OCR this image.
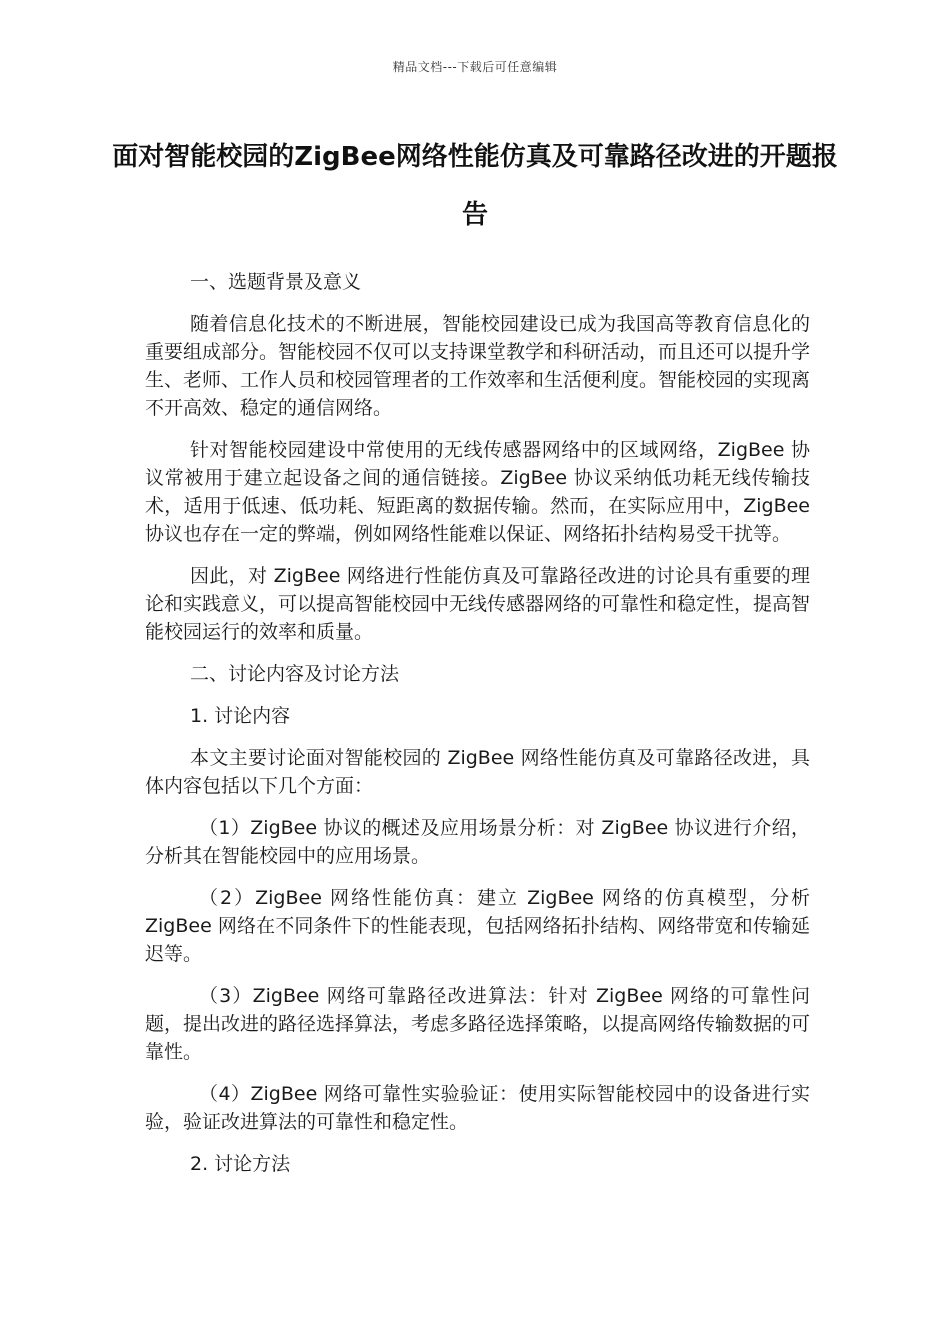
精品文档---下载后可任意编辑
面对智能校园的ZigBee网络性能仿真及可靠路径改进的开题报告

一、选题背景及意义

随着信息化技术的不断进展，智能校园建设已成为我国高等教育信息化的重要组成部分。智能校园不仅可以支持课堂教学和科研活动，而且还可以提升学生、老师、工作人员和校园管理者的工作效率和生活便利度。智能校园的实现离不开高效、稳定的通信网络。

针对智能校园建设中常使用的无线传感器网络中的区域网络，ZigBee 协议常被用于建立起设备之间的通信链接。ZigBee 协议采纳低功耗无线传输技术，适用于低速、低功耗、短距离的数据传输。然而，在实际应用中，ZigBee 协议也存在一定的弊端，例如网络性能难以保证、网络拓扑结构易受干扰等。

因此，对 ZigBee 网络进行性能仿真及可靠路径改进的讨论具有重要的理论和实践意义，可以提高智能校园中无线传感器网络的可靠性和稳定性，提高智能校园运行的效率和质量。

二、讨论内容及讨论方法

1. 讨论内容

本文主要讨论面对智能校园的 ZigBee 网络性能仿真及可靠路径改进，具体内容包括以下几个方面：

（1）ZigBee 协议的概述及应用场景分析：对 ZigBee 协议进行介绍，分析其在智能校园中的应用场景。

（2）ZigBee 网络性能仿真：建立 ZigBee 网络的仿真模型，分析 ZigBee 网络在不同条件下的性能表现，包括网络拓扑结构、网络带宽和传输延迟等。

（3）ZigBee 网络可靠路径改进算法：针对 ZigBee 网络的可靠性问题，提出改进的路径选择算法，考虑多路径选择策略，以提高网络传输数据的可靠性。

（4）ZigBee 网络可靠性实验验证：使用实际智能校园中的设备进行实验，验证改进算法的可靠性和稳定性。

2. 讨论方法
